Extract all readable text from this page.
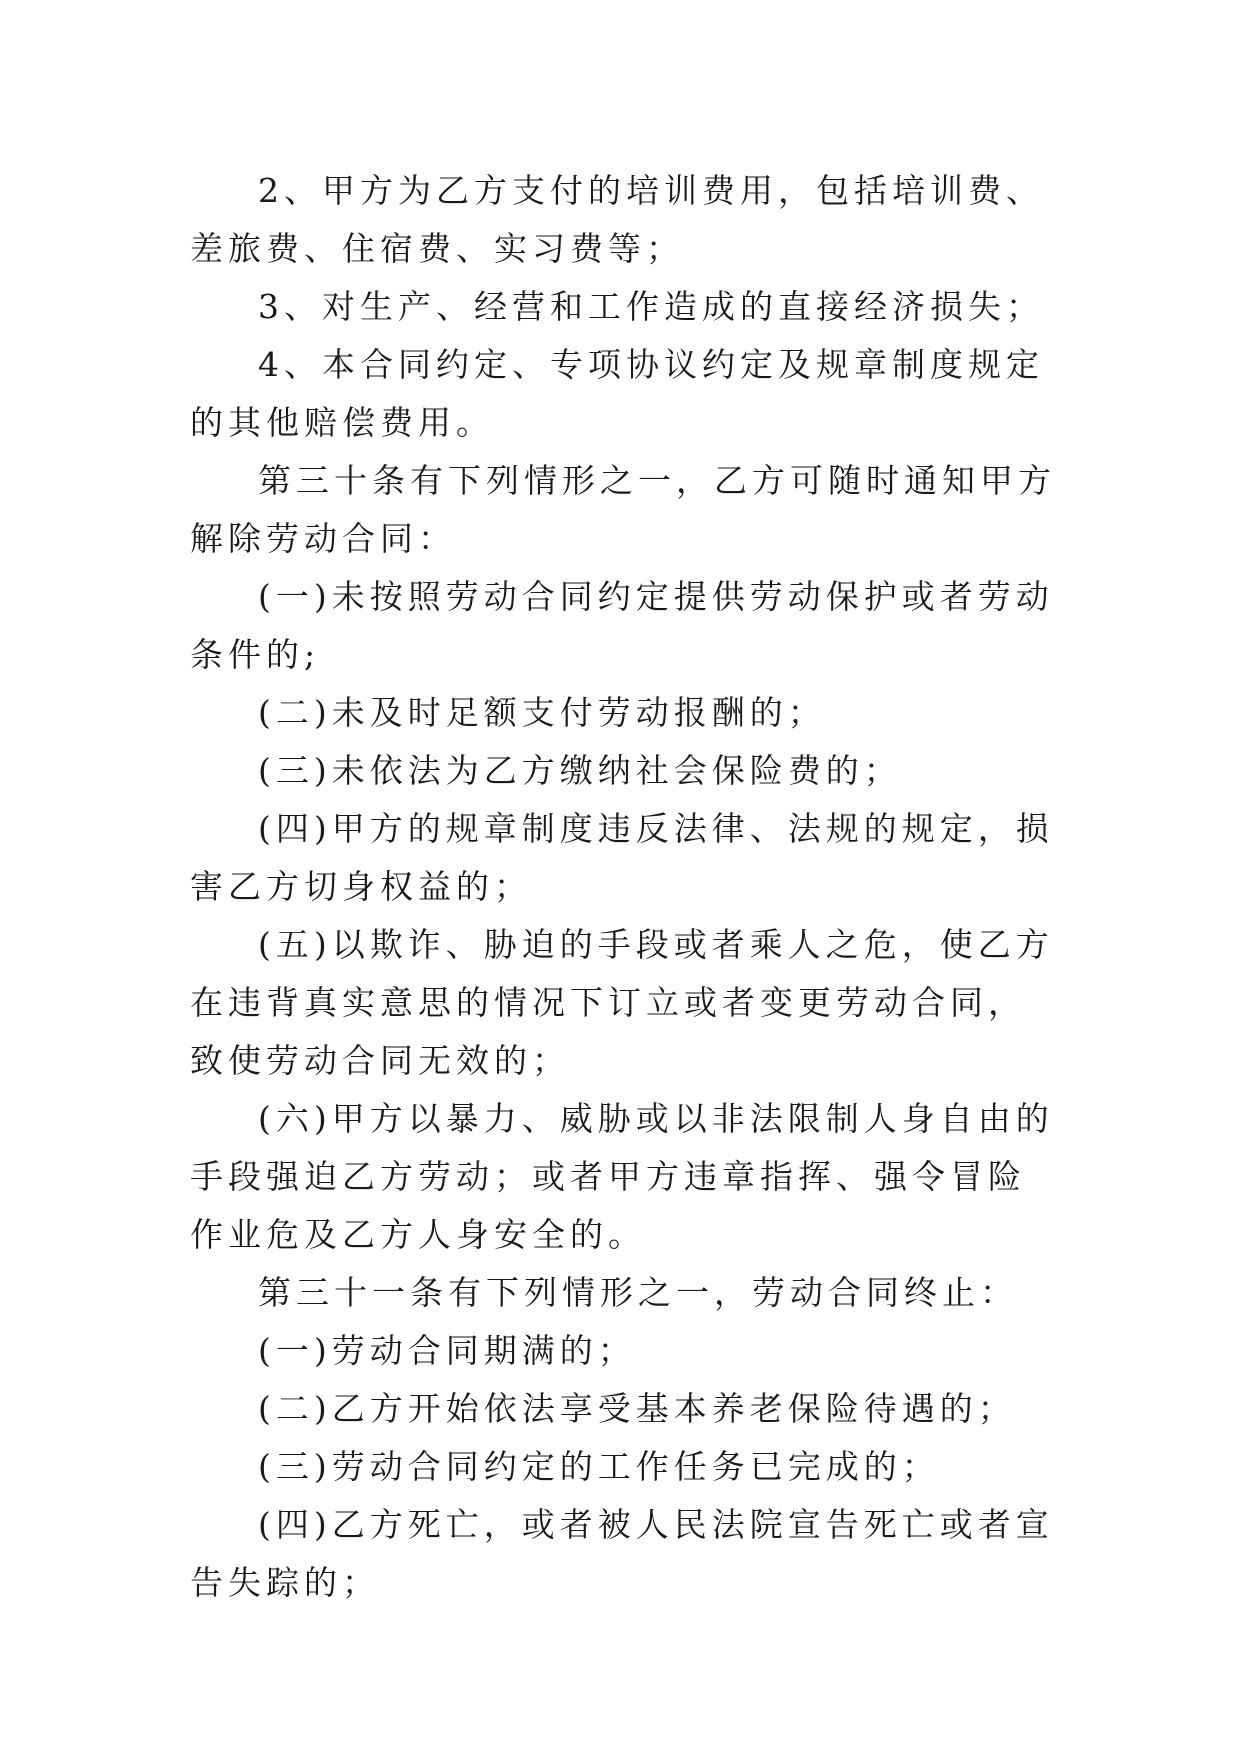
2、甲方为乙方支付的培训费用，包括培训费、差旅费、住宿费、实习费等；

3、对生产、经营和工作造成的直接经济损失；

4、本合同约定、专项协议约定及规章制度规定的其他赔偿费用。

第三十条有下列情形之一，乙方可随时通知甲方解除劳动合同：

(一)未按照劳动合同约定提供劳动保护或者劳动条件的;

(二)未及时足额支付劳动报酬的；

(三)未依法为乙方缴纳社会保险费的；

(四)甲方的规章制度违反法律、法规的规定，损害乙方切身权益的；

(五)以欺诈、胁迫的手段或者乘人之危，使乙方在违背真实意思的情况下订立或者变更劳动合同，致使劳动合同无效的；

(六)甲方以暴力、威胁或以非法限制人身自由的手段强迫乙方劳动；或者甲方违章指挥、强令冒险作业危及乙方人身安全的。

第三十一条有下列情形之一，劳动合同终止：

(一)劳动合同期满的；

(二)乙方开始依法享受基本养老保险待遇的；

(三)劳动合同约定的工作任务已完成的；

(四)乙方死亡，或者被人民法院宣告死亡或者宣告失踪的；
